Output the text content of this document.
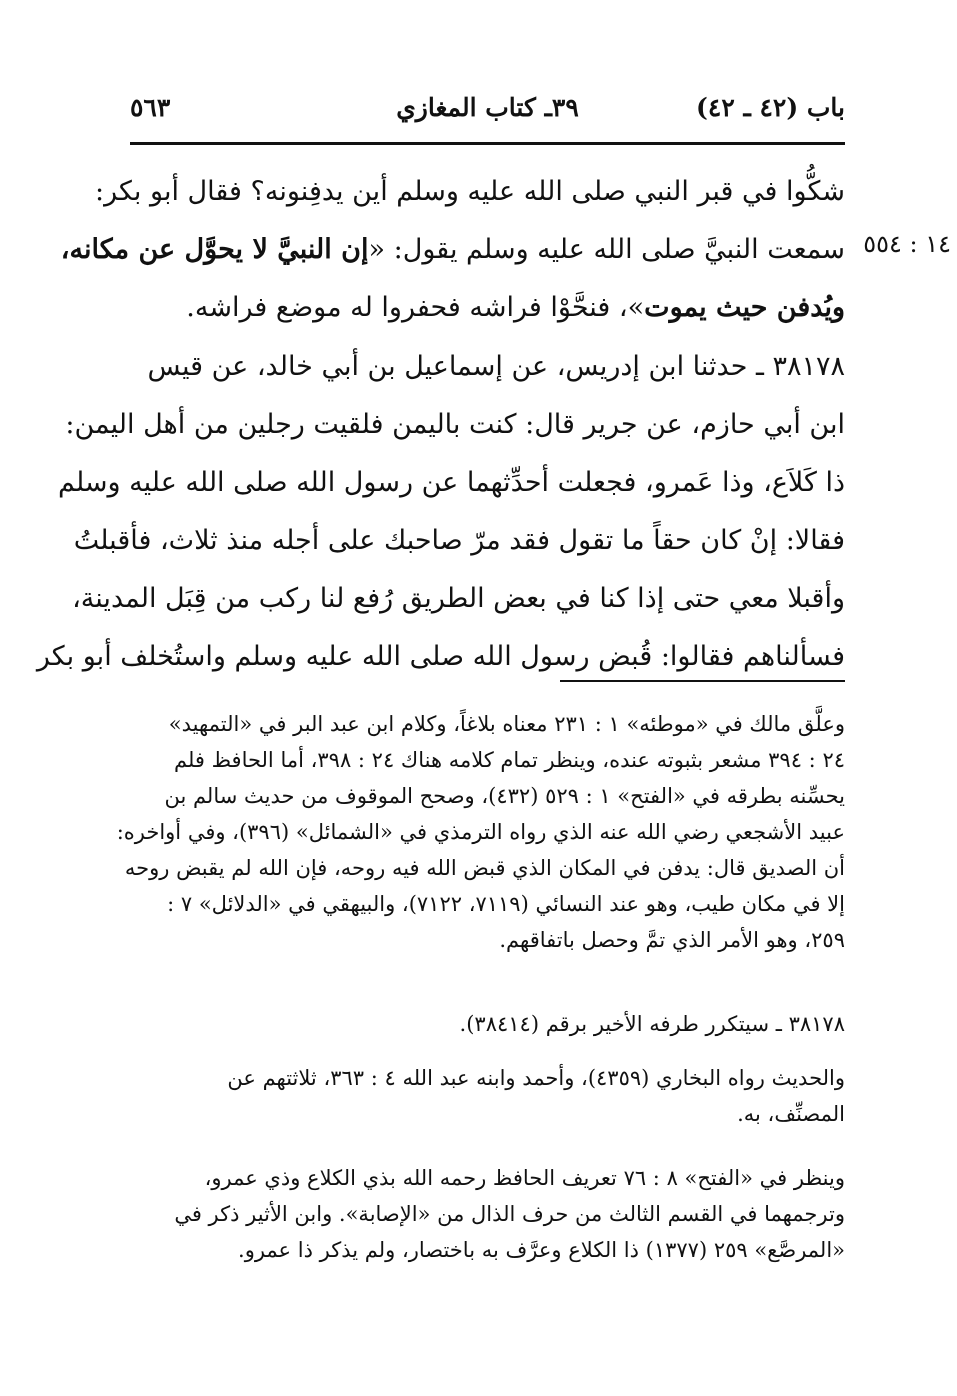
باب (٤٢ ـ ٤٢)
٣٩ـ كتاب المغازي
٥٦٣
١٤ : ٥٥٤
شكُّوا في قبر النبي صلى الله عليه وسلم أين يدفِنونه؟ فقال أبو بكر:
سمعت النبيَّ صلى الله عليه وسلم يقول: «إن النبيَّ لا يحوَّل عن مكانه،
ويُدفن حيث يموت»، فنحَّوْا فراشه فحفروا له موضع فراشه.
٣٨١٧٨ ـ حدثنا ابن إدريس، عن إسماعيل بن أبي خالد، عن قيس
ابن أبي حازم، عن جرير قال: كنت باليمن فلقيت رجلين من أهل اليمن:
ذا كَلاَع، وذا عَمرو، فجعلت أحدِّثهما عن رسول الله صلى الله عليه وسلم
فقالا: إنْ كان حقاً ما تقول فقد مرّ صاحبك على أجله منذ ثلاث، فأقبلتُ
وأقبلا معي حتى إذا كنا في بعض الطريق رُفع لنا ركب من قِبَل المدينة،
فسألناهم فقالوا: قُبض رسول الله صلى الله عليه وسلم واستُخلف أبو بكر
وعلَّق مالك في «موطئه» ١ : ٢٣١ معناه بلاغاً، وكلام ابن عبد البر في «التمهيد»
٢٤ : ٣٩٤ مشعر بثبوته عنده، وينظر تمام كلامه هناك ٢٤ : ٣٩٨، أما الحافظ فلم
يحسِّنه بطرقه في «الفتح» ١ : ٥٢٩ (٤٣٢)، وصحح الموقوف من حديث سالم بن
عبيد الأشجعي رضي الله عنه الذي رواه الترمذي في «الشمائل» (٣٩٦)، وفي أواخره:
أن الصديق قال: يدفن في المكان الذي قبض الله فيه روحه، فإن الله لم يقبض روحه
إلا في مكان طيب، وهو عند النسائي (٧١١٩، ٧١٢٢)، والبيهقي في «الدلائل» ٧ :
٢٥٩، وهو الأمر الذي تمَّ وحصل باتفاقهم.
٣٨١٧٨ ـ سيتكرر طرفه الأخير برقم (٣٨٤١٤).
والحديث رواه البخاري (٤٣٥٩)، وأحمد وابنه عبد الله ٤ : ٣٦٣، ثلاثتهم عن
المصنِّف، به.
وينظر في «الفتح» ٨ : ٧٦ تعريف الحافظ رحمه الله بذي الكلاع وذي عمرو،
وترجمهما في القسم الثالث من حرف الذال من «الإصابة». وابن الأثير ذكر في
«المرصَّع» ٢٥٩ (١٣٧٧) ذا الكلاع وعرَّف به باختصار، ولم يذكر ذا عمرو.
